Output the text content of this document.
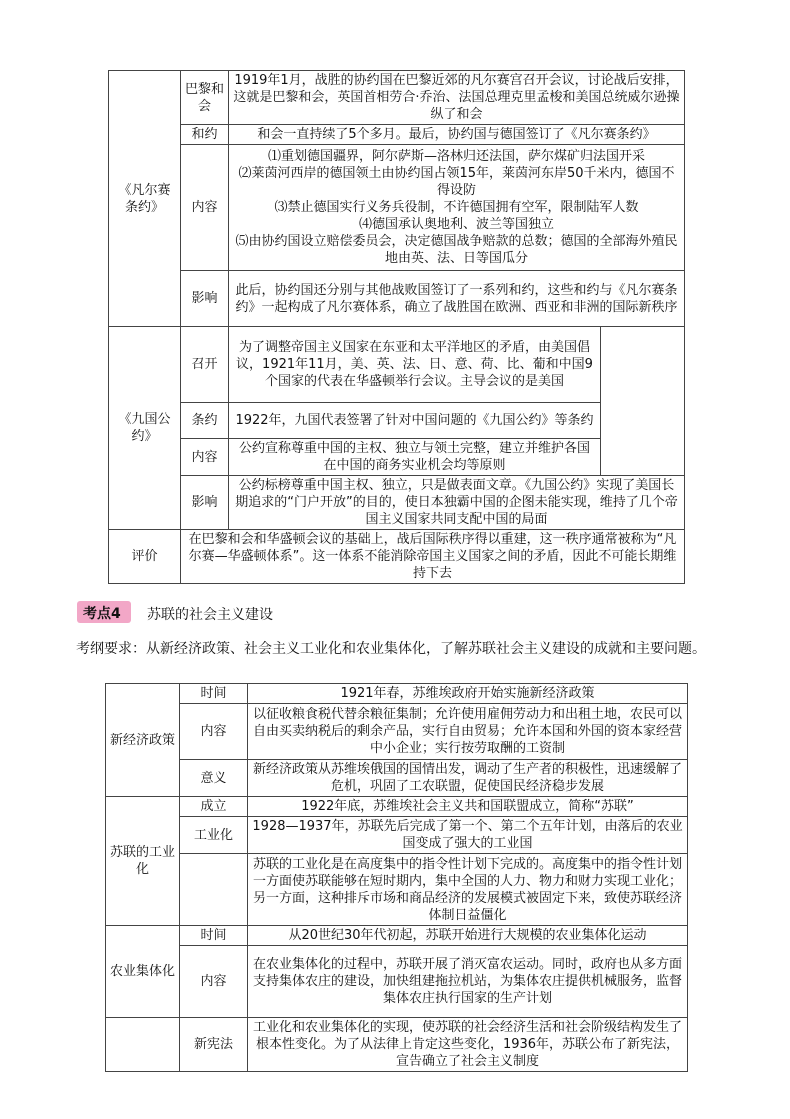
《凡尔赛条约》	巴黎和会	1919年1月，战胜的协约国在巴黎近郊的凡尔赛宫召开会议，讨论战后安排，这就是巴黎和会，英国首相劳合·乔治、法国总理克里孟梭和美国总统威尔逊操纵了和会	
	和约	和会一直持续了5个多月。最后，协约国与德国签订了《凡尔赛条约》	
	内容	⑴重划德国疆界，阿尔萨斯—洛林归还法国，萨尔煤矿归法国开采
⑵莱茵河西岸的德国领土由协约国占领15年，莱茵河东岸50千米内，德国不得设防
⑶禁止德国实行义务兵役制，不许德国拥有空军，限制陆军人数
⑷德国承认奥地利、波兰等国独立
⑸由协约国设立赔偿委员会，决定德国战争赔款的总数；德国的全部海外殖民地由英、法、日等国瓜分	

	影响	此后，协约国还分别与其他战败国签订了一系列和约，这些和约与《凡尔赛条约》一起构成了凡尔赛体系，确立了战胜国在欧洲、西亚和非洲的国际新秩序	
《九国公约》	召开	为了调整帝国主义国家在东亚和太平洋地区的矛盾，由美国倡议，1921年11月，美、英、法、日、意、荷、比、葡和中国9个国家的代表在华盛顿举行会议。主导会议的是美国	
	条约	1922年，九国代表签署了针对中国问题的《九国公约》等条约	
	内容	公约宣称尊重中国的主权、独立与领土完整，建立并维护各国在中国的商务实业机会均等原则	
	影响	公约标榜尊重中国主权、独立，只是做表面文章。《九国公约》实现了美国长期追求的“门户开放”的目的，使日本独霸中国的企图未能实现，维持了几个帝国主义国家共同支配中国的局面	
评价	在巴黎和会和华盛顿会议的基础上，战后国际秩序得以重建，这一秩序通常被称为“凡尔赛—华盛顿体系”。这一体系不能消除帝国主义国家之间的矛盾，因此不可能长期维持下去		
考点4 苏联的社会主义建设
考纲要求：从新经济政策、社会主义工业化和农业集体化，了解苏联社会主义建设的成就和主要问题。
新经济政策	时间	1921年春，苏维埃政府开始实施新经济政策
	内容	以征收粮食税代替余粮征集制；允许使用雇佣劳动力和出租土地，农民可以自由买卖纳税后的剩余产品，实行自由贸易；允许本国和外国的资本家经营中小企业；实行按劳取酬的工资制
	意义	新经济政策从苏维埃俄国的国情出发，调动了生产者的积极性，迅速缓解了危机，巩固了工农联盟，促使国民经济稳步发展
苏联的工业化	成立	1922年底，苏维埃社会主义共和国联盟成立，简称“苏联”
	工业化	1928—1937年，苏联先后完成了第一个、第二个五年计划，由落后的农业国变成了强大的工业国
		苏联的工业化是在高度集中的指令性计划下完成的。高度集中的指令性计划一方面使苏联能够在短时期内，集中全国的人力、物力和财力实现工业化；另一方面，这种排斥市场和商品经济的发展模式被固定下来，致使苏联经济体制日益僵化
农业集体化	时间	从20世纪30年代初起，苏联开始进行大规模的农业集体化运动
	内容	在农业集体化的过程中，苏联开展了消灭富农运动。同时，政府也从多方面支持集体农庄的建设，加快组建拖拉机站，为集体农庄提供机械服务，监督集体农庄执行国家的生产计划
	新宪法	工业化和农业集体化的实现，使苏联的社会经济生活和社会阶级结构发生了根本性变化。为了从法律上肯定这些变化，1936年，苏联公布了新宪法，宣告确立了社会主义制度
